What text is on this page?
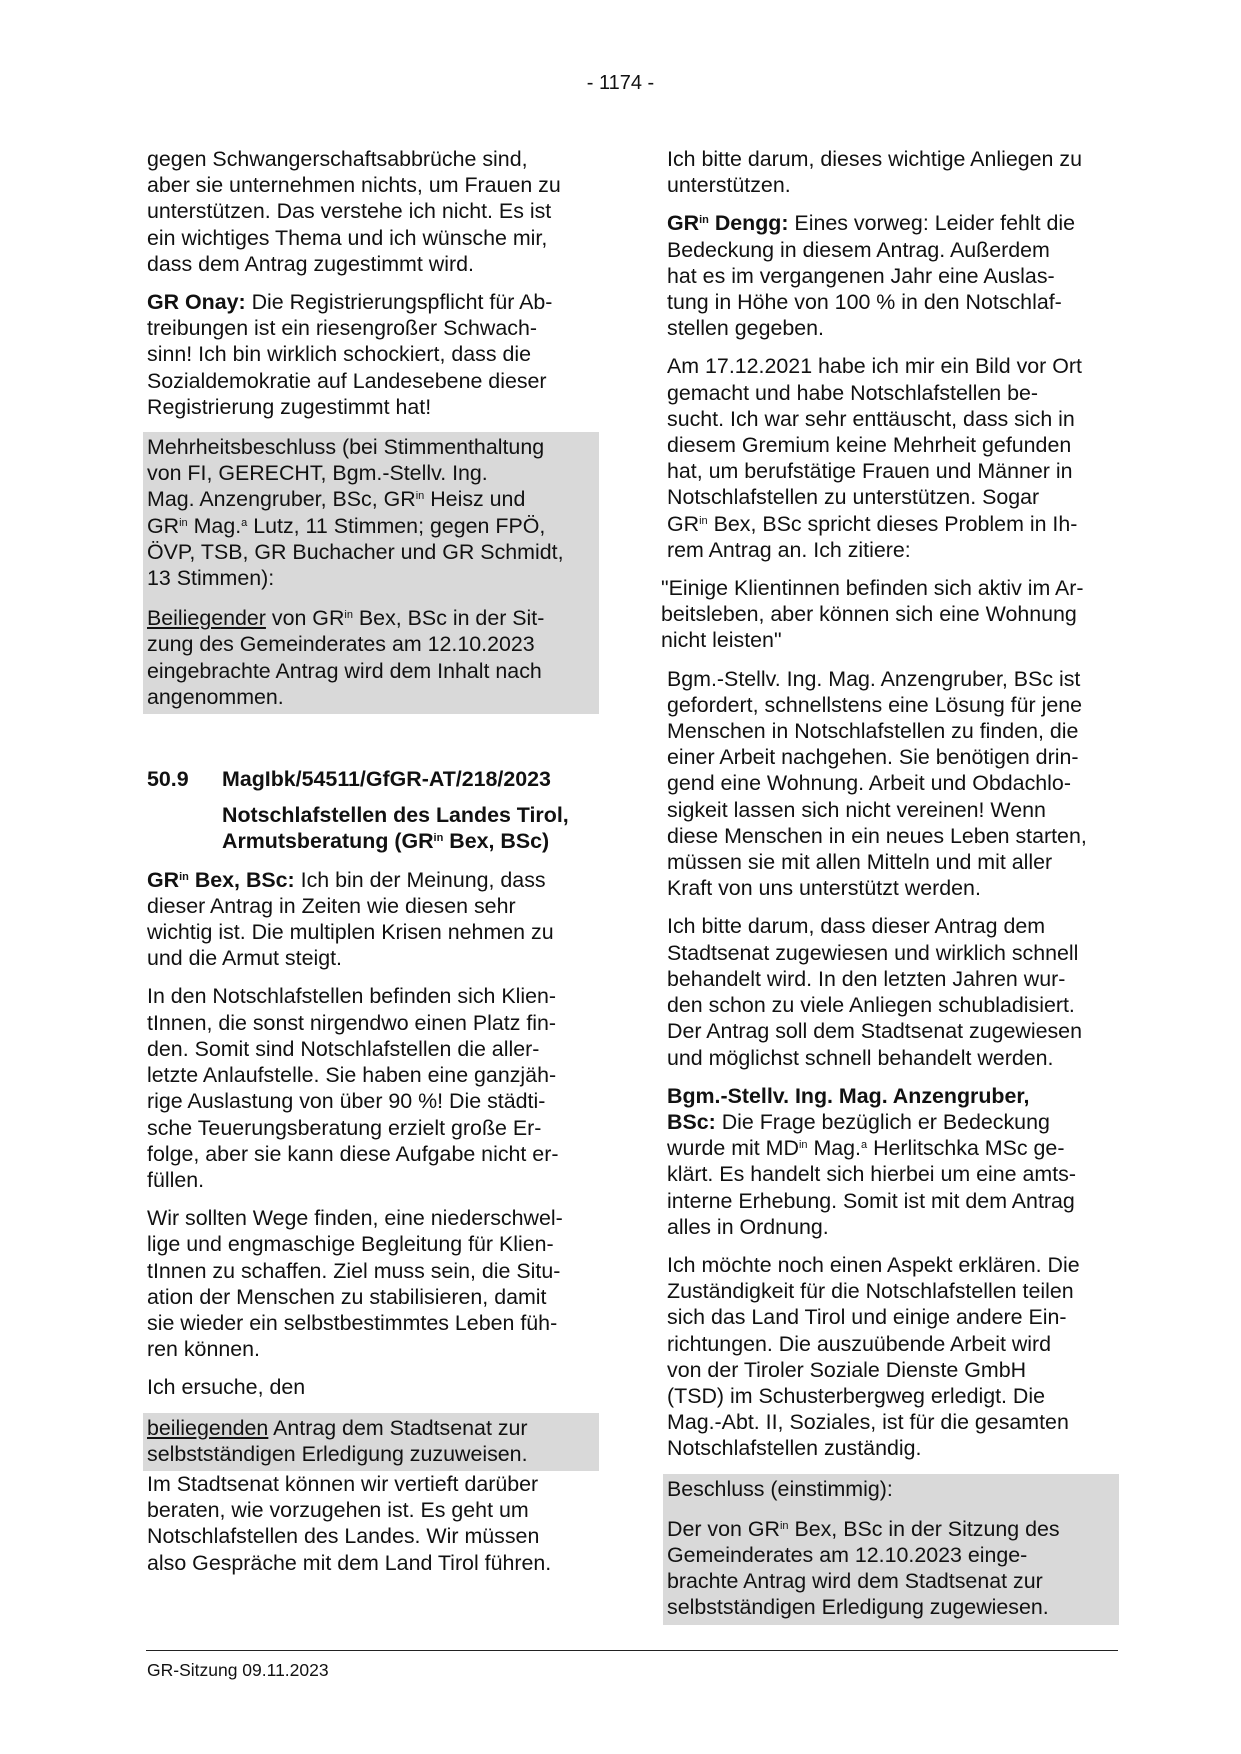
- 1174 -

gegen Schwangerschaftsabbrüche sind,
aber sie unternehmen nichts, um Frauen zu
unterstützen. Das verstehe ich nicht. Es ist
ein wichtiges Thema und ich wünsche mir,
dass dem Antrag zugestimmt wird.

GR Onay: Die Registrierungspflicht für Ab-
treibungen ist ein riesengroßer Schwach-
sinn! Ich bin wirklich schockiert, dass die
Sozialdemokratie auf Landesebene dieser
Registrierung zugestimmt hat!

Mehrheitsbeschluss (bei Stimmenthaltung
von FI, GERECHT, Bgm.-Stellv. Ing.
Mag. Anzengruber, BSc, $GR^{in}$ Heisz und
$GR^{in}$ Mag.$^a$ Lutz, 11 Stimmen; gegen FPÖ,
ÖVP, TSB, GR Buchacher und GR Schmidt,
13 Stimmen):

Beiliegender von $GR^{in}$ Bex, BSc in der Sit-
zung des Gemeinderates am 12.10.2023
eingebrachte Antrag wird dem Inhalt nach
angenommen.

50.9	MagIbk/54511/GfGR-AT/218/2023
Notschlafstellen des Landes Tirol,
Armutsberatung ($GR^{in}$ Bex, BSc)

$GR^{in}$ Bex, BSc: Ich bin der Meinung, dass
dieser Antrag in Zeiten wie diesen sehr
wichtig ist. Die multiplen Krisen nehmen zu
und die Armut steigt.

In den Notschlafstellen befinden sich Klien-
tInnen, die sonst nirgendwo einen Platz fin-
den. Somit sind Notschlafstellen die aller-
letzte Anlaufstelle. Sie haben eine ganzjäh-
rige Auslastung von über 90 %! Die städti-
sche Teuerungsberatung erzielt große Er-
folge, aber sie kann diese Aufgabe nicht er-
füllen.

Wir sollten Wege finden, eine niederschwel-
lige und engmaschige Begleitung für Klien-
tInnen zu schaffen. Ziel muss sein, die Situ-
ation der Menschen zu stabilisieren, damit
sie wieder ein selbstbestimmtes Leben füh-
ren können.

Ich ersuche, den

beiliegenden Antrag dem Stadtsenat zur
selbstständigen Erledigung zuzuweisen.

Im Stadtsenat können wir vertieft darüber
beraten, wie vorzugehen ist. Es geht um
Notschlafstellen des Landes. Wir müssen
also Gespräche mit dem Land Tirol führen.

Ich bitte darum, dieses wichtige Anliegen zu
unterstützen.

$GR^{in}$ Dengg: Eines vorweg: Leider fehlt die
Bedeckung in diesem Antrag. Außerdem
hat es im vergangenen Jahr eine Auslas-
tung in Höhe von 100 % in den Notschlaf-
stellen gegeben.

Am 17.12.2021 habe ich mir ein Bild vor Ort
gemacht und habe Notschlafstellen be-
sucht. Ich war sehr enttäuscht, dass sich in
diesem Gremium keine Mehrheit gefunden
hat, um berufstätige Frauen und Männer in
Notschlafstellen zu unterstützen. Sogar
$GR^{in}$ Bex, BSc spricht dieses Problem in Ih-
rem Antrag an. Ich zitiere:

"Einige Klientinnen befinden sich aktiv im Ar-
beitsleben, aber können sich eine Wohnung
nicht leisten"

Bgm.-Stellv. Ing. Mag. Anzengruber, BSc ist
gefordert, schnellstens eine Lösung für jene
Menschen in Notschlafstellen zu finden, die
einer Arbeit nachgehen. Sie benötigen drin-
gend eine Wohnung. Arbeit und Obdachlo-
sigkeit lassen sich nicht vereinen! Wenn
diese Menschen in ein neues Leben starten,
müssen sie mit allen Mitteln und mit aller
Kraft von uns unterstützt werden.

Ich bitte darum, dass dieser Antrag dem
Stadtsenat zugewiesen und wirklich schnell
behandelt wird. In den letzten Jahren wur-
den schon zu viele Anliegen schubladisiert.
Der Antrag soll dem Stadtsenat zugewiesen
und möglichst schnell behandelt werden.

Bgm.-Stellv. Ing. Mag. Anzengruber,
BSc: Die Frage bezüglich er Bedeckung
wurde mit $MD^{in}$ Mag.$^a$ Herlitschka MSc ge-
klärt. Es handelt sich hierbei um eine amts-
interne Erhebung. Somit ist mit dem Antrag
alles in Ordnung.

Ich möchte noch einen Aspekt erklären. Die
Zuständigkeit für die Notschlafstellen teilen
sich das Land Tirol und einige andere Ein-
richtungen. Die auszuübende Arbeit wird
von der Tiroler Soziale Dienste GmbH
(TSD) im Schusterbergweg erledigt. Die
Mag.-Abt. II, Soziales, ist für die gesamten
Notschlafstellen zuständig.

Beschluss (einstimmig):

Der von $GR^{in}$ Bex, BSc in der Sitzung des
Gemeinderates am 12.10.2023 einge-
brachte Antrag wird dem Stadtsenat zur
selbstständigen Erledigung zugewiesen.

GR-Sitzung 09.11.2023
